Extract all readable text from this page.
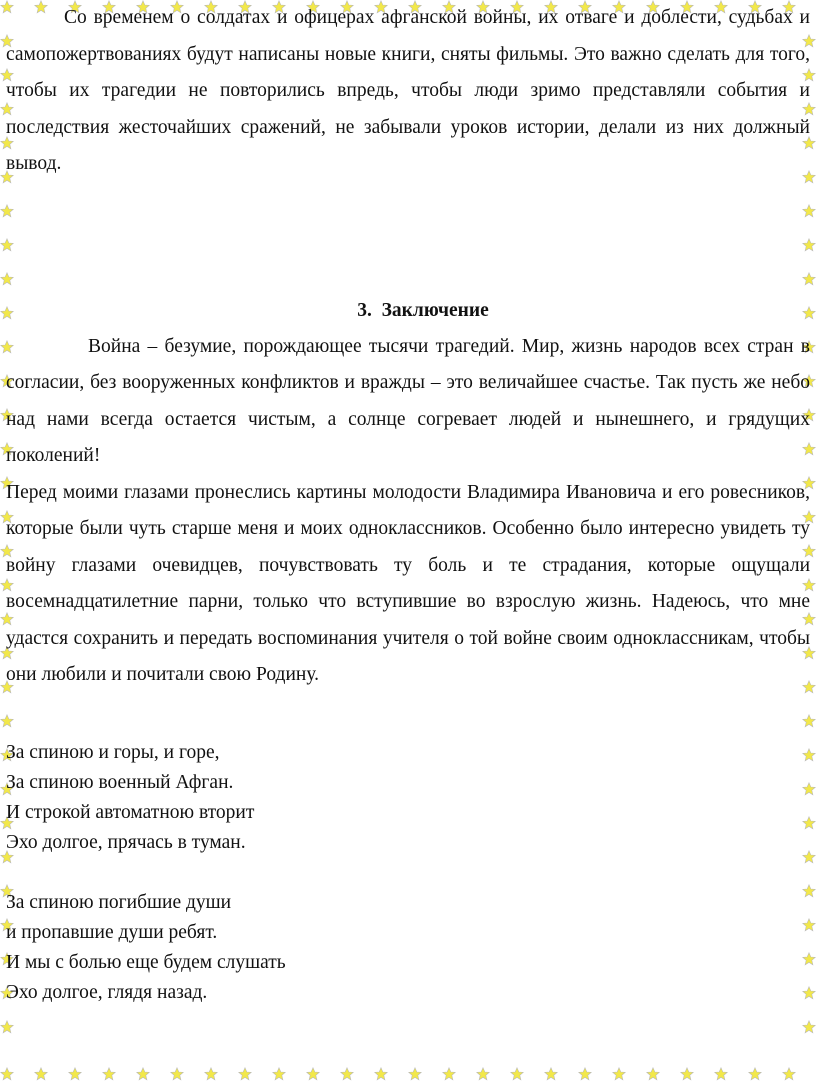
Со временем о солдатах и офицерах афганской войны, их отваге и доблести, судьбах и самопожертвованиях будут написаны новые книги, сняты фильмы. Это важно сделать для того, чтобы их трагедии не повторились впредь, чтобы люди зримо представляли события и последствия жесточайших сражений, не забывали уроков истории, делали из них должный вывод.

3. Заключение

Война – безумие, порождающее тысячи трагедий. Мир, жизнь народов всех стран в согласии, без вооруженных конфликтов и вражды – это величайшее счастье. Так пусть же небо над нами всегда остается чистым, а солнце согревает людей и нынешнего, и грядущих поколений!

Перед моими глазами пронеслись картины молодости Владимира Ивановича и его ровесников, которые были чуть старше меня и моих одноклассников. Особенно было интересно увидеть ту войну глазами очевидцев, почувствовать ту боль и те страдания, которые ощущали восемнадцатилетние парни, только что вступившие во взрослую жизнь. Надеюсь, что мне удастся сохранить и передать воспоминания учителя о той войне своим одноклассникам, чтобы они любили и почитали свою Родину.

За спиною и горы, и горе,
За спиною военный Афган.
И строкой автоматною вторит
Эхо долгое, прячась в туман.
За спиною погибшие души
и пропавшие души ребят.
И мы с болью еще будем слушать
Эхо долгое, глядя назад.
